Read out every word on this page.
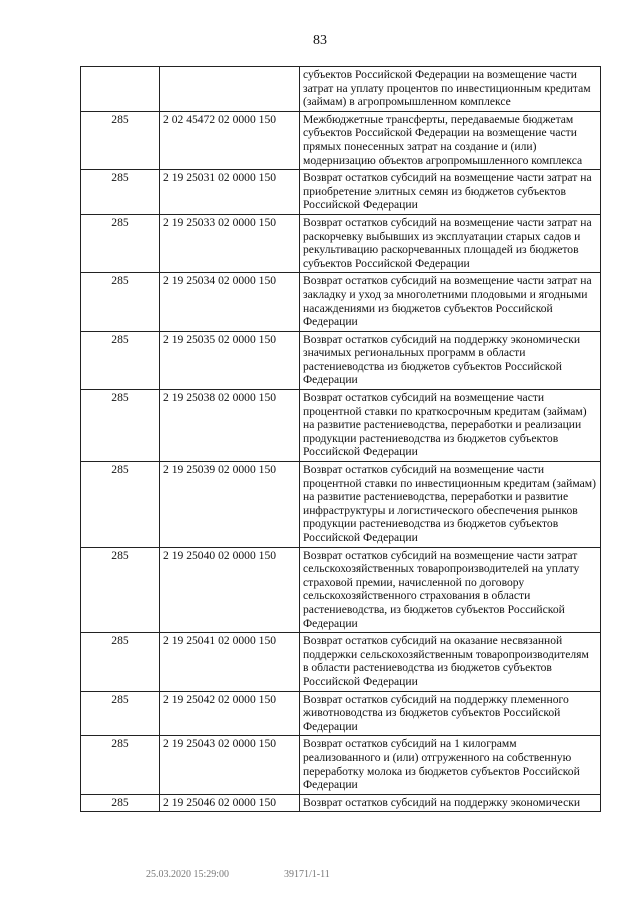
83
		субъектов Российской Федерации на возмещение части затрат на уплату процентов по инвестиционным кредитам (займам) в агропромышленном комплексе
285	2 02 45472 02 0000 150	Межбюджетные трансферты, передаваемые бюджетам субъектов Российской Федерации на возмещение части прямых понесенных затрат на создание и (или) модернизацию объектов агропромышленного комплекса
285	2 19 25031 02 0000 150	Возврат остатков субсидий на возмещение части затрат на приобретение элитных семян из бюджетов субъектов Российской Федерации
285	2 19 25033 02 0000 150	Возврат остатков субсидий на возмещение части затрат на раскорчевку выбывших из эксплуатации старых садов и рекультивацию раскорчеванных площадей из бюджетов субъектов Российской Федерации
285	2 19 25034 02 0000 150	Возврат остатков субсидий на возмещение части затрат на закладку и уход за многолетними плодовыми и ягодными насаждениями из бюджетов субъектов Российской Федерации
285	2 19 25035 02 0000 150	Возврат остатков субсидий на поддержку экономически значимых региональных программ в области растениеводства из бюджетов субъектов Российской Федерации
285	2 19 25038 02 0000 150	Возврат остатков субсидий на возмещение части процентной ставки по краткосрочным кредитам (займам) на развитие растениеводства, переработки и реализации продукции растениеводства из бюджетов субъектов Российской Федерации
285	2 19 25039 02 0000 150	Возврат остатков субсидий на возмещение части процентной ставки по инвестиционным кредитам (займам) на развитие растениеводства, переработки и развитие инфраструктуры и логистического обеспечения рынков продукции растениеводства из бюджетов субъектов Российской Федерации
285	2 19 25040 02 0000 150	Возврат остатков субсидий на возмещение части затрат сельскохозяйственных товаропроизводителей на уплату страховой премии, начисленной по договору сельскохозяйственного страхования в области растениеводства, из бюджетов субъектов Российской Федерации
285	2 19 25041 02 0000 150	Возврат остатков субсидий на оказание несвязанной поддержки сельскохозяйственным товаропроизводителям в области растениеводства из бюджетов субъектов Российской Федерации
285	2 19 25042 02 0000 150	Возврат остатков субсидий на поддержку племенного животноводства из бюджетов субъектов Российской Федерации
285	2 19 25043 02 0000 150	Возврат остатков субсидий на 1 килограмм реализованного и (или) отгруженного на собственную переработку молока из бюджетов субъектов Российской Федерации
285	2 19 25046 02 0000 150	Возврат остатков субсидий на поддержку экономически
25.03.2020 15:29:00	39171/1-11
